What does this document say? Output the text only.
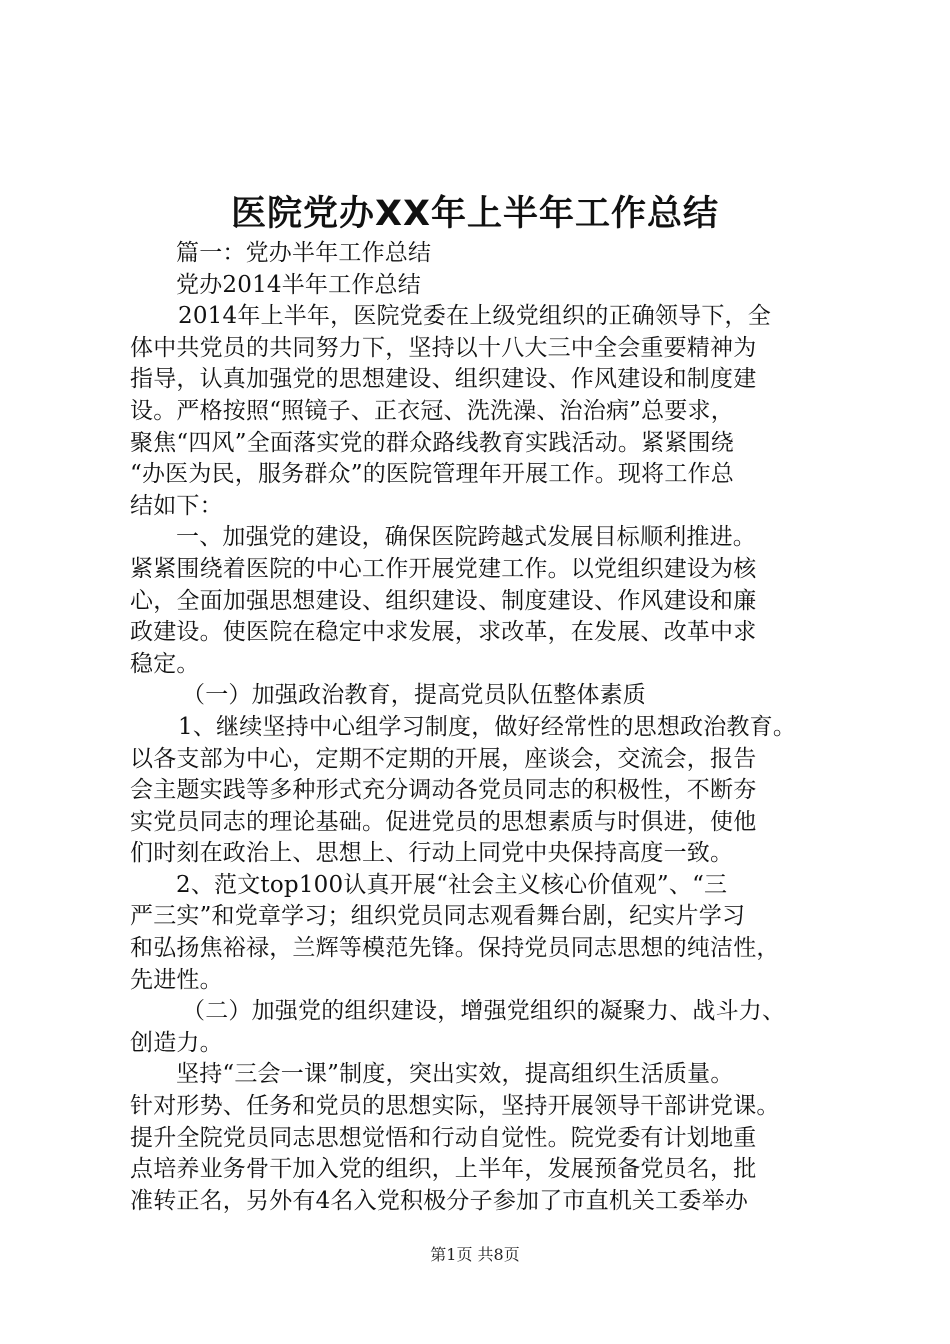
医院党办XX年上半年工作总结
篇一：党办半年工作总结
党办2014半年工作总结
2014年上半年，医院党委在上级党组织的正确领导下，全
体中共党员的共同努力下，坚持以十八大三中全会重要精神为
指导，认真加强党的思想建设、组织建设、作风建设和制度建
设。严格按照“照镜子、正衣冠、洗洗澡、治治病”总要求，
聚焦“四风”全面落实党的群众路线教育实践活动。紧紧围绕
“办医为民，服务群众”的医院管理年开展工作。现将工作总
结如下：
一、加强党的建设，确保医院跨越式发展目标顺利推进。
紧紧围绕着医院的中心工作开展党建工作。以党组织建设为核
心，全面加强思想建设、组织建设、制度建设、作风建设和廉
政建设。使医院在稳定中求发展，求改革，在发展、改革中求
稳定。
（一）加强政治教育，提高党员队伍整体素质
1、继续坚持中心组学习制度，做好经常性的思想政治教育。
以各支部为中心，定期不定期的开展，座谈会，交流会，报告
会主题实践等多种形式充分调动各党员同志的积极性，不断夯
实党员同志的理论基础。促进党员的思想素质与时俱进，使他
们时刻在政治上、思想上、行动上同党中央保持高度一致。
2、范文top100认真开展“社会主义核心价值观”、“三
严三实”和党章学习；组织党员同志观看舞台剧，纪实片学习
和弘扬焦裕禄，兰辉等模范先锋。保持党员同志思想的纯洁性，
先进性。
（二）加强党的组织建设，增强党组织的凝聚力、战斗力、
创造力。
坚持“三会一课”制度，突出实效，提高组织生活质量。
针对形势、任务和党员的思想实际，坚持开展领导干部讲党课。
提升全院党员同志思想觉悟和行动自觉性。院党委有计划地重
点培养业务骨干加入党的组织，上半年，发展预备党员名，批
准转正名，另外有4名入党积极分子参加了市直机关工委举办
第1页 共8页
